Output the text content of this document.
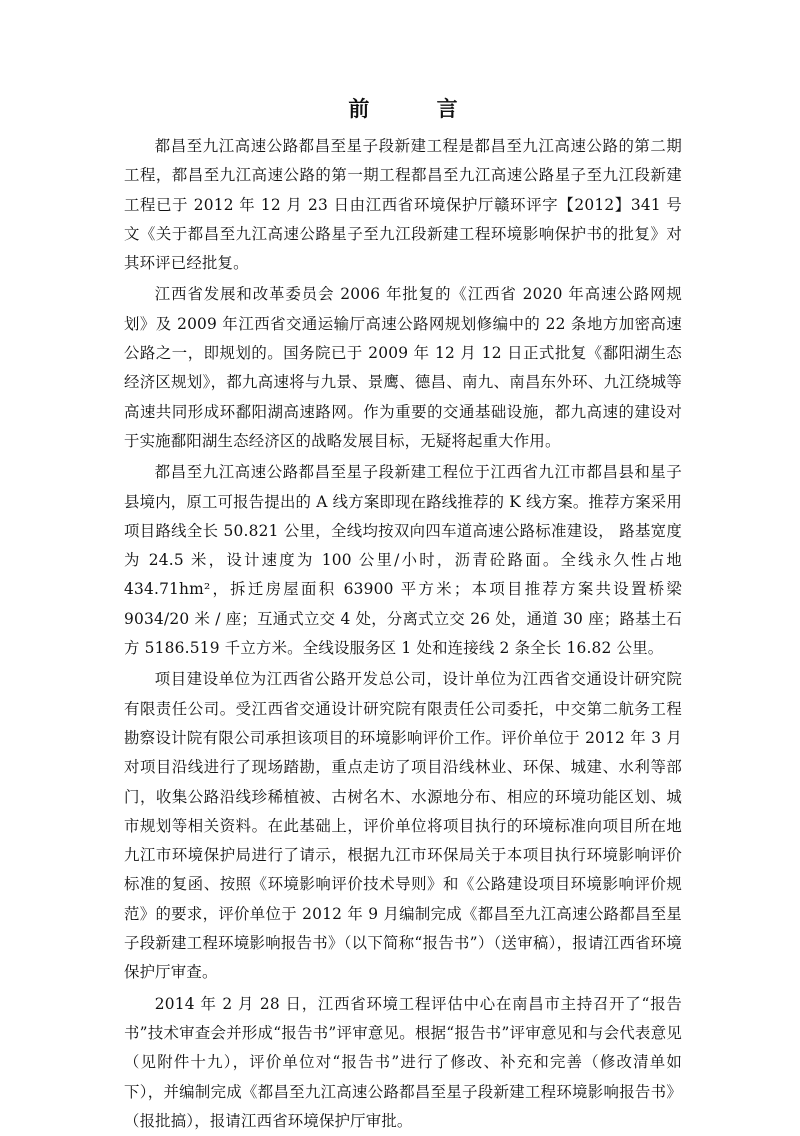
前 言

都昌至九江高速公路都昌至星子段新建工程是都昌至九江高速公路的第二期工程，都昌至九江高速公路的第一期工程都昌至九江高速公路星子至九江段新建工程已于 2012 年 12 月 23 日由江西省环境保护厅赣环评字【2012】341 号文《关于都昌至九江高速公路星子至九江段新建工程环境影响保护书的批复》对其环评已经批复。

江西省发展和改革委员会 2006 年批复的《江西省 2020 年高速公路网规划》及 2009 年江西省交通运输厅高速公路网规划修编中的 22 条地方加密高速公路之一，即规划的。国务院已于 2009 年 12 月 12 日正式批复《鄱阳湖生态经济区规划》，都九高速将与九景、景鹰、德昌、南九、南昌东外环、九江绕城等高速共同形成环鄱阳湖高速路网。作为重要的交通基础设施，都九高速的建设对于实施鄱阳湖生态经济区的战略发展目标，无疑将起重大作用。

都昌至九江高速公路都昌至星子段新建工程位于江西省九江市都昌县和星子县境内，原工可报告提出的 A 线方案即现在路线推荐的 K 线方案。推荐方案采用项目路线全长 50.821 公里，全线均按双向四车道高速公路标准建设， 路基宽度为 24.5 米，设计速度为 100 公里/小时，沥青砼路面。全线永久性占地 434.71hm²，拆迁房屋面积 63900 平方米；本项目推荐方案共设置桥梁 9034/20 米 / 座；互通式立交 4 处，分离式立交 26 处，通道 30 座；路基土石方 5186.519 千立方米。全线设服务区 1 处和连接线 2 条全长 16.82 公里。

项目建设单位为江西省公路开发总公司，设计单位为江西省交通设计研究院有限责任公司。受江西省交通设计研究院有限责任公司委托，中交第二航务工程勘察设计院有限公司承担该项目的环境影响评价工作。评价单位于 2012 年 3 月对项目沿线进行了现场踏勘，重点走访了项目沿线林业、环保、城建、水利等部门，收集公路沿线珍稀植被、古树名木、水源地分布、相应的环境功能区划、城市规划等相关资料。在此基础上，评价单位将项目执行的环境标准向项目所在地九江市环境保护局进行了请示，根据九江市环保局关于本项目执行环境影响评价标准的复函、按照《环境影响评价技术导则》和《公路建设项目环境影响评价规范》的要求，评价单位于 2012 年 9 月编制完成《都昌至九江高速公路都昌至星子段新建工程环境影响报告书》（以下简称“报告书”）（送审稿），报请江西省环境保护厅审查。

2014 年 2 月 28 日，江西省环境工程评估中心在南昌市主持召开了“报告书”技术审查会并形成“报告书”评审意见。根据“报告书”评审意见和与会代表意见（见附件十九），评价单位对“报告书”进行了修改、补充和完善（修改清单如下），并编制完成《都昌至九江高速公路都昌至星子段新建工程环境影响报告书》（报批搞），报请江西省环境保护厅审批。
